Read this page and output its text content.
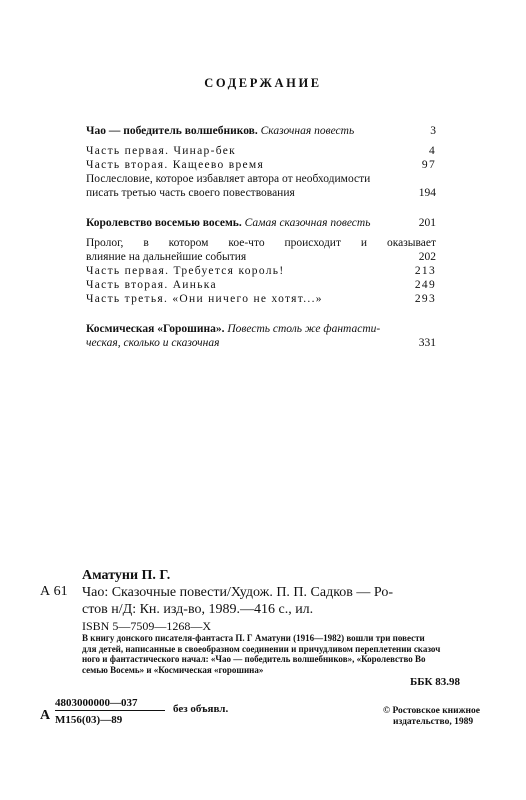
СОДЕРЖАНИЕ
Чао — победитель волшебников. Сказочная повесть	3
Часть первая. Чинар-бек	4
Часть вторая. Кащеево время	97
Послесловие, которое избавляет автора от необходимости
писать третью часть своего повествования	194
Королевство восемью восемь. Самая сказочная повесть	201
Пролог, в котором кое-что происходит и оказывает
влияние на дальнейшие события	202
Часть первая. Требуется король!	213
Часть вторая. Аинька	249
Часть третья. «Они ничего не хотят...»	293
Космическая «Горошина». Повесть столь же фантасти-
ческая, сколько и сказочная	331
Аматуни П. Г.
А 61 Чао: Сказочные повести/Худож. П. П. Садков — Ро-
стов н/Д: Кн. изд-во, 1989.—416 с., ил.
ISBN 5—7509—1268—X
В книгу донского писателя-фантаста П. Г Аматуни (1916—1982) вошли три повести
для детей, написанные в своеобразном соединении и причудливом переплетении сказоч
ного и фантастического начал: «Чао — победитель волшебников», «Королевство Во
семью Восемь» и «Космическая «горошина»
ББК 83.98
А
4803000000—037
М156(03)—89
без объявл.	© Ростовское книжное
издательство, 1989
